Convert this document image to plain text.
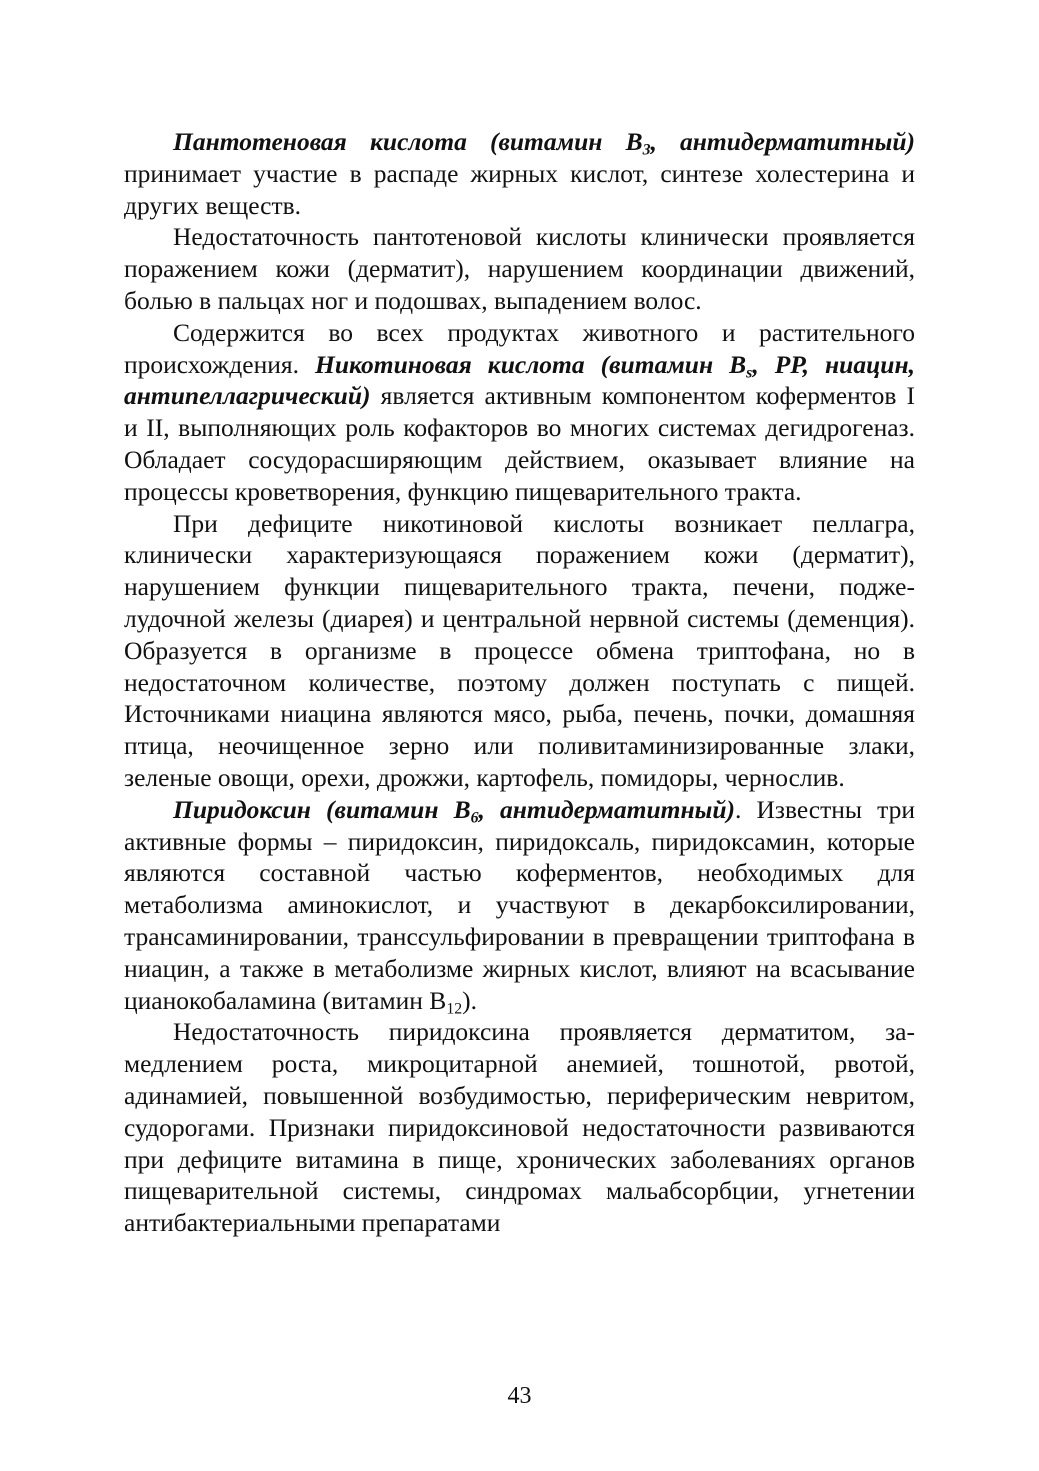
Пантотеновая кислота (витамин $B_3$, антидерматитный) принимает участие в распаде жирных кислот, синтезе холестерина и других веществ.

Недостаточность пантотеновой кислоты клинически проявляется поражением кожи (дерматит), нарушением координации движений, болью в пальцах ног и подошвах, выпадением волос.

Содержится во всех продуктах животного и растительного происхождения. Никотиновая кислота (витамин $B_s$, PP, ниацин, антипеллагрический) является активным компонентом коферментов I и II, выполняющих роль кофакторов во многих системах дегидрогеназ. Обладает сосудорасширяющим действием, оказывает влияние на процессы кроветворения, функцию пищеварительного тракта.

При дефиците никотиновой кислоты возникает пеллагра, клинически характеризующаяся поражением кожи (дерматит), нарушением функции пищеварительного тракта, печени, поджелудочной железы (диарея) и центральной нервной системы (деменция). Образуется в организме в процессе обмена триптофана, но в недостаточном количестве, поэтому должен поступать с пищей. Источниками ниацина являются мясо, рыба, печень, почки, домашняя птица, неочищенное зерно или поливитаминизированные злаки, зеленые овощи, орехи, дрожжи, картофель, помидоры, чернослив.

Пиридоксин (витамин $B_6$, антидерматитный). Известны три активные формы – пиридоксин, пиридоксаль, пиридоксамин, которые являются составной частью коферментов, необходимых для метаболизма аминокислот, и участвуют в декарбоксилировании, трансаминировании, транссульфировании в превращении триптофана в ниацин, а также в метаболизме жирных кислот, влияют на всасывание цианокобаламина (витамин $B_{12}$).

Недостаточность пиридоксина проявляется дерматитом, замедлением роста, микроцитарной анемией, тошнотой, рвотой, адинамией, повышенной возбудимостью, периферическим невритом, судорогами. Признаки пиридоксиновой недостаточности развиваются при дефиците витамина в пище, хронических заболеваниях органов пищеварительной системы, синдромах мальабсорбции, угнетении антибактериальными препаратами

43
